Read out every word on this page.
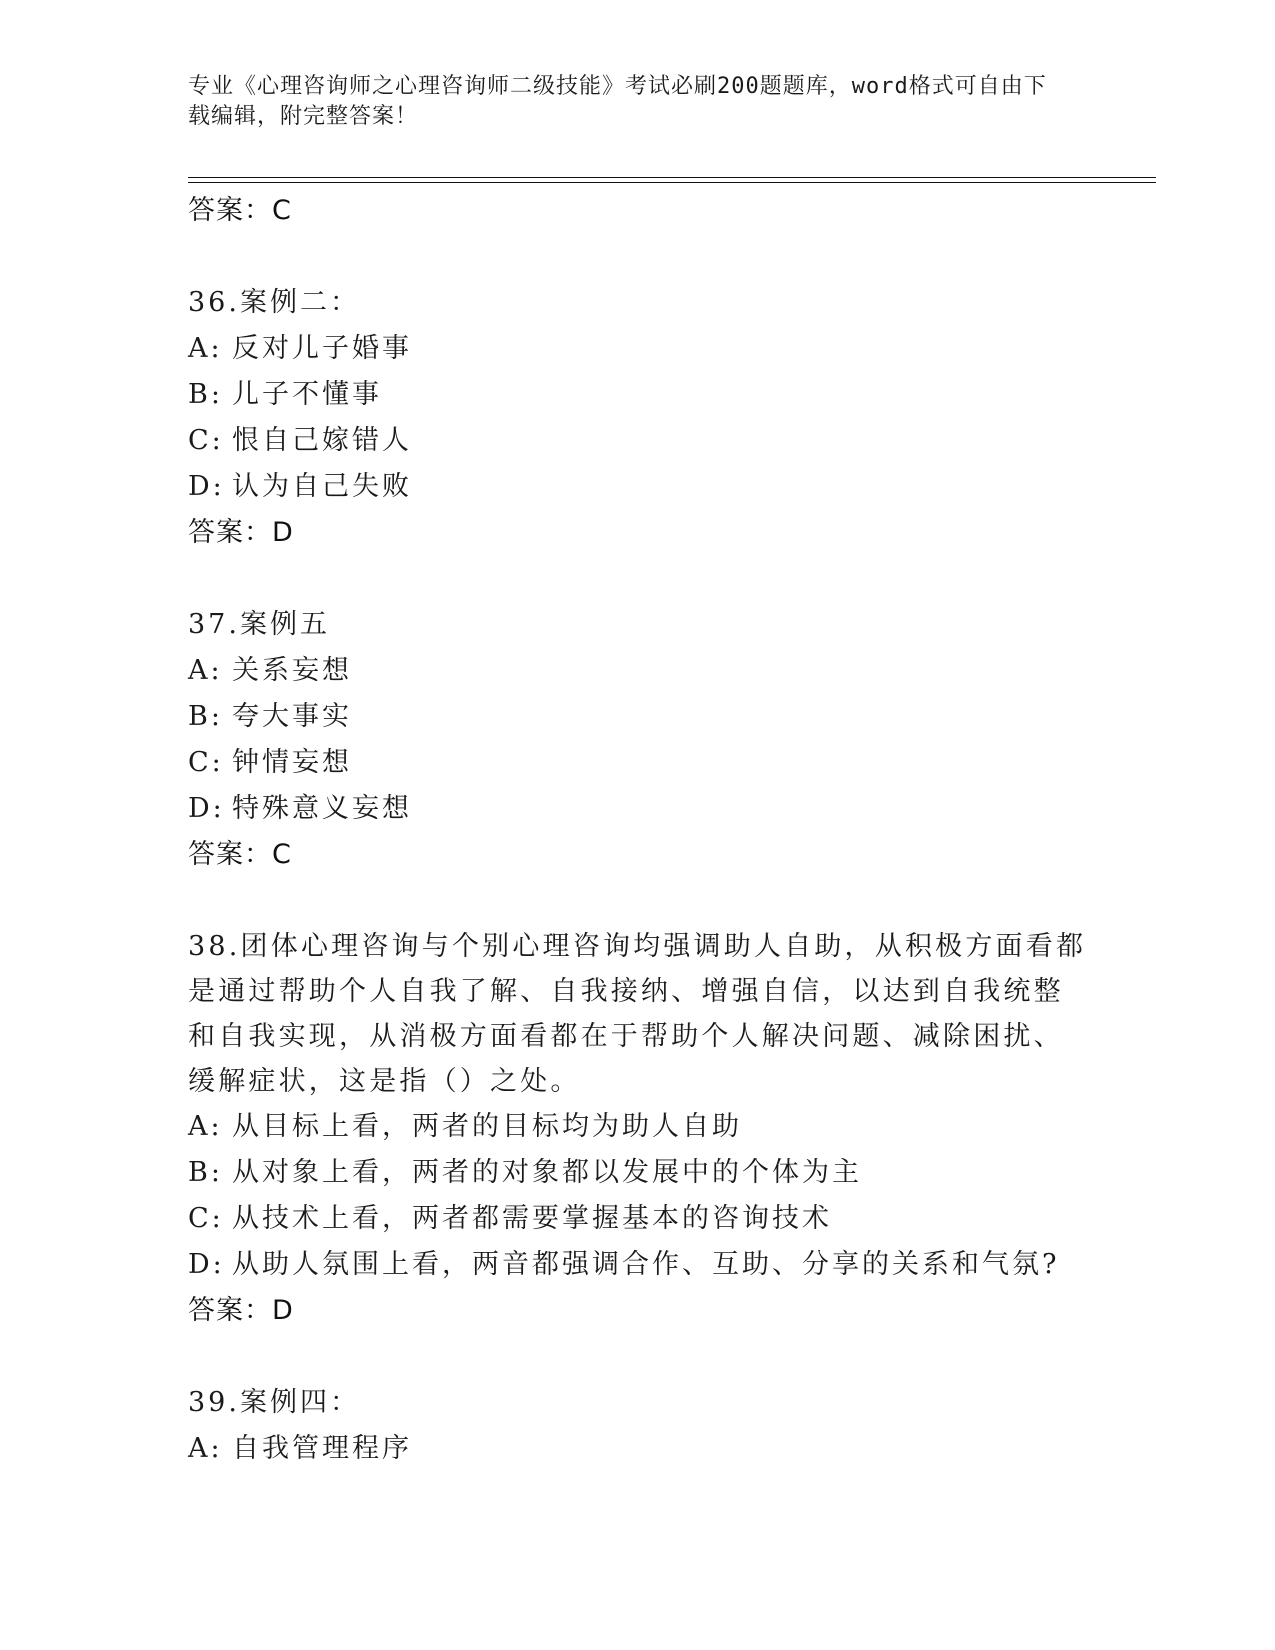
专业《心理咨询师之心理咨询师二级技能》考试必刷200题题库，word格式可自由下载编辑，附完整答案！
答案：C
36.案例二：
A: 反对儿子婚事
B: 儿子不懂事
C: 恨自己嫁错人
D: 认为自己失败
答案：D
37.案例五
A: 关系妄想
B: 夸大事实
C: 钟情妄想
D: 特殊意义妄想
答案：C
38.团体心理咨询与个别心理咨询均强调助人自助，从积极方面看都是通过帮助个人自我了解、自我接纳、增强自信，以达到自我统整和自我实现，从消极方面看都在于帮助个人解决问题、减除困扰、缓解症状，这是指（）之处。
A: 从目标上看，两者的目标均为助人自助
B: 从对象上看，两者的对象都以发展中的个体为主
C: 从技术上看，两者都需要掌握基本的咨询技术
D: 从助人氛围上看，两音都强调合作、互助、分享的关系和气氛?
答案：D
39.案例四：
A: 自我管理程序
